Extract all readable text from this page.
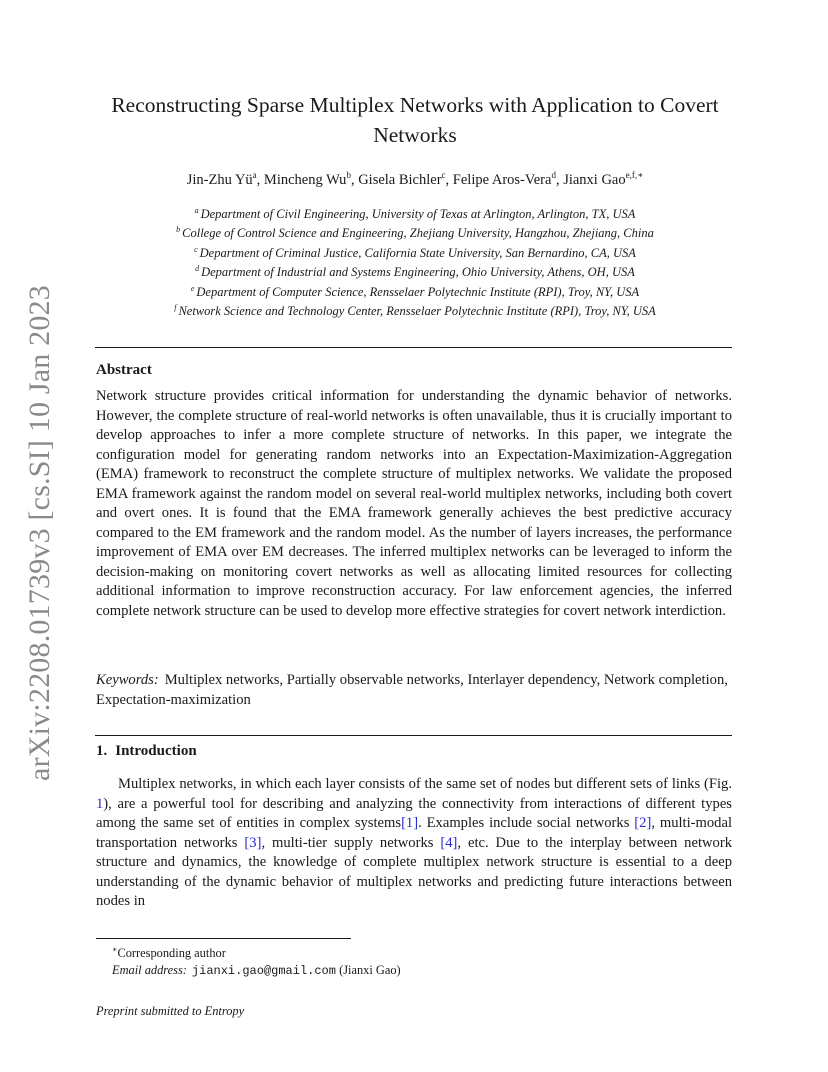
arXiv:2208.01739v3 [cs.SI] 10 Jan 2023
Reconstructing Sparse Multiplex Networks with Application to Covert Networks
Jin-Zhu $Yü^a$, Mincheng Wu$^b$, Gisela Bichler$^c$, Felipe Aros-Vera$^d$, Jianxi Gao$^{e,f,∗}$
$^a$ Department of Civil Engineering, University of Texas at Arlington, Arlington, TX, USA
$^b$ College of Control Science and Engineering, Zhejiang University, Hangzhou, Zhejiang, China
$^c$ Department of Criminal Justice, California State University, San Bernardino, CA, USA
$^d$ Department of Industrial and Systems Engineering, Ohio University, Athens, OH, USA
$^e$ Department of Computer Science, Rensselaer Polytechnic Institute (RPI), Troy, NY, USA
$^f$ Network Science and Technology Center, Rensselaer Polytechnic Institute (RPI), Troy, NY, USA
Abstract
Network structure provides critical information for understanding the dynamic behavior of networks. However, the complete structure of real-world networks is often unavailable, thus it is crucially important to develop approaches to infer a more complete structure of networks. In this paper, we integrate the configuration model for generating random networks into an Expectation-Maximization-Aggregation (EMA) framework to reconstruct the complete structure of multiplex networks. We validate the proposed EMA framework against the random model on several real-world multiplex networks, including both covert and overt ones. It is found that the EMA framework generally achieves the best predictive accuracy compared to the EM framework and the random model. As the number of layers increases, the performance improvement of EMA over EM decreases. The inferred multiplex networks can be leveraged to inform the decision-making on monitoring covert networks as well as allocating limited resources for collecting additional information to improve reconstruction accuracy. For law enforcement agencies, the inferred complete network structure can be used to develop more effective strategies for covert network interdiction.
Keywords: Multiplex networks, Partially observable networks, Interlayer dependency, Network completion, Expectation-maximization
1. Introduction
Multiplex networks, in which each layer consists of the same set of nodes but different sets of links (Fig. 1), are a powerful tool for describing and analyzing the connectivity from interactions of different types among the same set of entities in complex systems[1]. Examples include social networks [2], multi-modal transportation networks [3], multi-tier supply networks [4], etc. Due to the interplay between network structure and dynamics, the knowledge of complete multiplex network structure is essential to a deep understanding of the dynamic behavior of multiplex networks and predicting future interactions between nodes in
∗Corresponding author
Email address: jianxi.gao@gmail.com (Jianxi Gao)
Preprint submitted to Entropy
